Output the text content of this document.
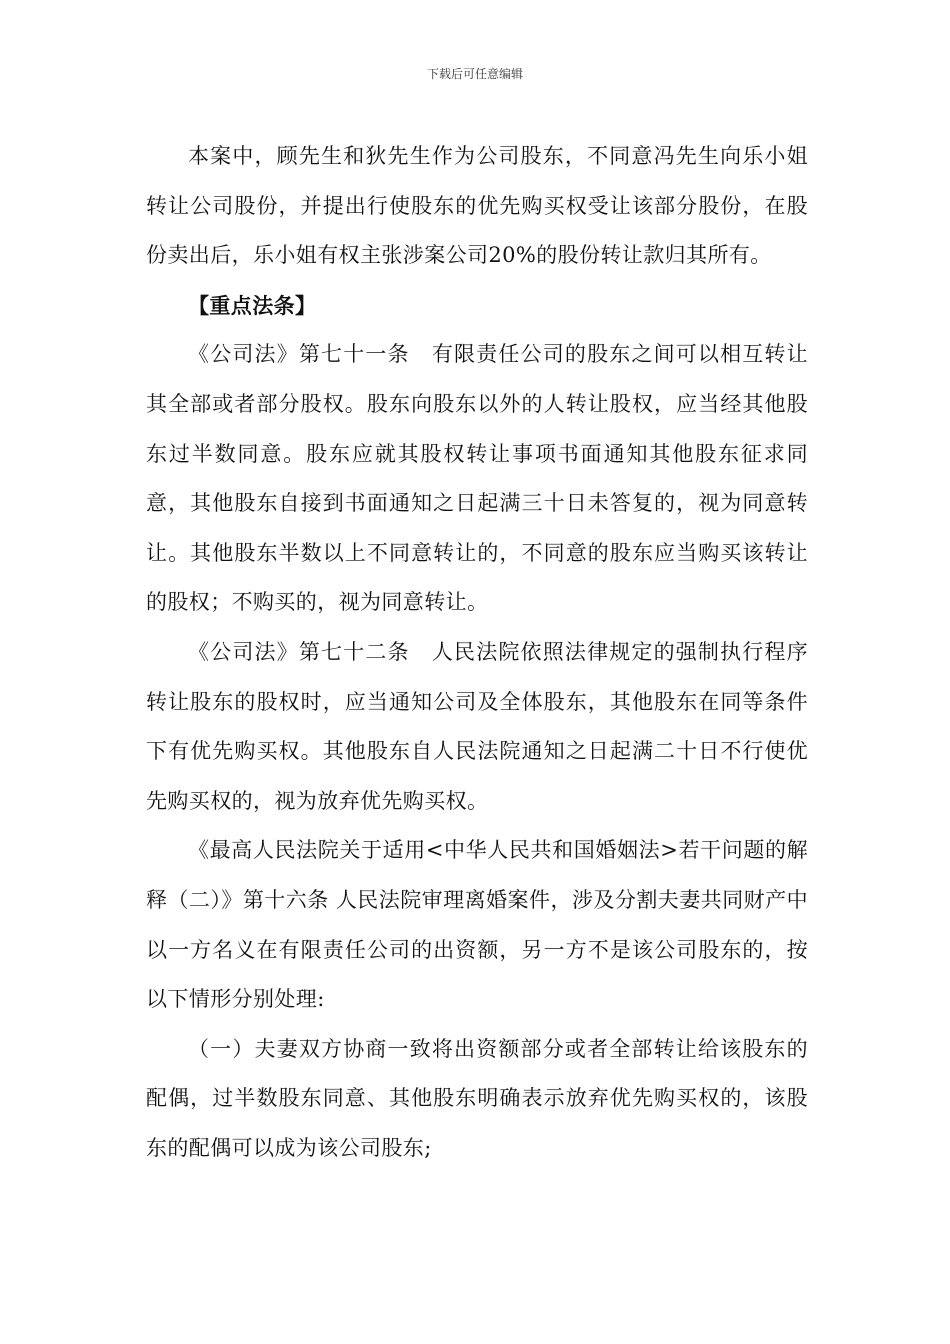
下载后可任意编辑

本案中，顾先生和狄先生作为公司股东，不同意冯先生向乐小姐转让公司股份，并提出行使股东的优先购买权受让该部分股份，在股份卖出后，乐小姐有权主张涉案公司20%的股份转让款归其所有。

【重点法条】

《公司法》第七十一条　有限责任公司的股东之间可以相互转让其全部或者部分股权。股东向股东以外的人转让股权，应当经其他股东过半数同意。股东应就其股权转让事项书面通知其他股东征求同意，其他股东自接到书面通知之日起满三十日未答复的，视为同意转让。其他股东半数以上不同意转让的，不同意的股东应当购买该转让的股权；不购买的，视为同意转让。

《公司法》第七十二条　人民法院依照法律规定的强制执行程序转让股东的股权时，应当通知公司及全体股东，其他股东在同等条件下有优先购买权。其他股东自人民法院通知之日起满二十日不行使优先购买权的，视为放弃优先购买权。

《最高人民法院关于适用<中华人民共和国婚姻法>若干问题的解释（二）》第十六条 人民法院审理离婚案件，涉及分割夫妻共同财产中以一方名义在有限责任公司的出资额，另一方不是该公司股东的，按以下情形分别处理:

（一）夫妻双方协商一致将出资额部分或者全部转让给该股东的配偶，过半数股东同意、其他股东明确表示放弃优先购买权的，该股东的配偶可以成为该公司股东;
